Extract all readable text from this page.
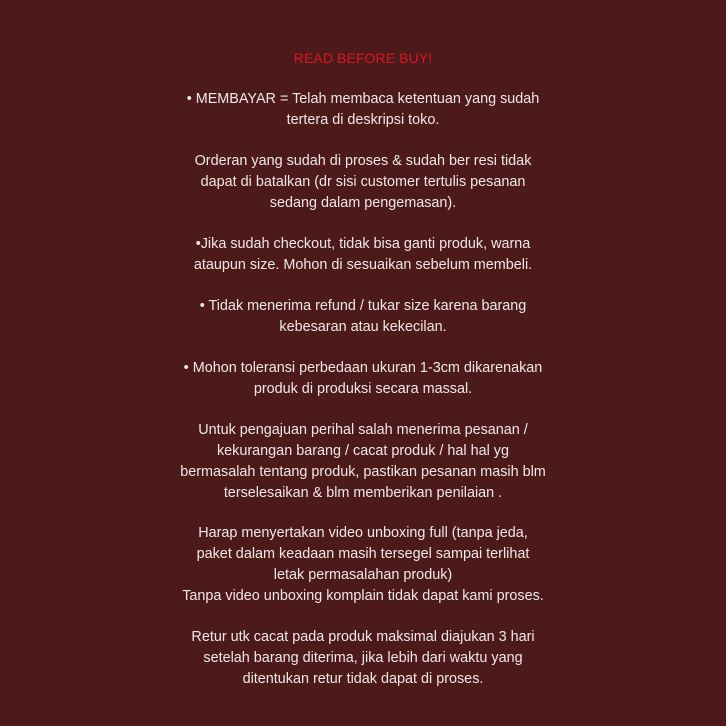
READ BEFORE BUY!
• MEMBAYAR = Telah membaca ketentuan yang sudah
tertera di deskripsi toko.
Orderan yang sudah di proses & sudah ber resi tidak
dapat di batalkan (dr sisi customer tertulis pesanan
sedang dalam pengemasan).
•Jika sudah checkout, tidak bisa ganti produk, warna
ataupun size. Mohon di sesuaikan sebelum membeli.
• Tidak menerima refund / tukar size karena barang
kebesaran atau kekecilan.
• Mohon toleransi perbedaan ukuran 1-3cm dikarenakan
produk di produksi secara massal.
Untuk pengajuan perihal salah menerima pesanan /
kekurangan barang / cacat produk / hal hal yg
bermasalah tentang produk, pastikan pesanan masih blm
terselesaikan & blm memberikan penilaian .
Harap menyertakan video unboxing full (tanpa jeda,
paket dalam keadaan masih tersegel sampai terlihat
letak permasalahan produk)
Tanpa video unboxing komplain tidak dapat kami proses.
Retur utk cacat pada produk maksimal diajukan 3 hari
setelah barang diterima, jika lebih dari waktu yang
ditentukan retur tidak dapat di proses.
